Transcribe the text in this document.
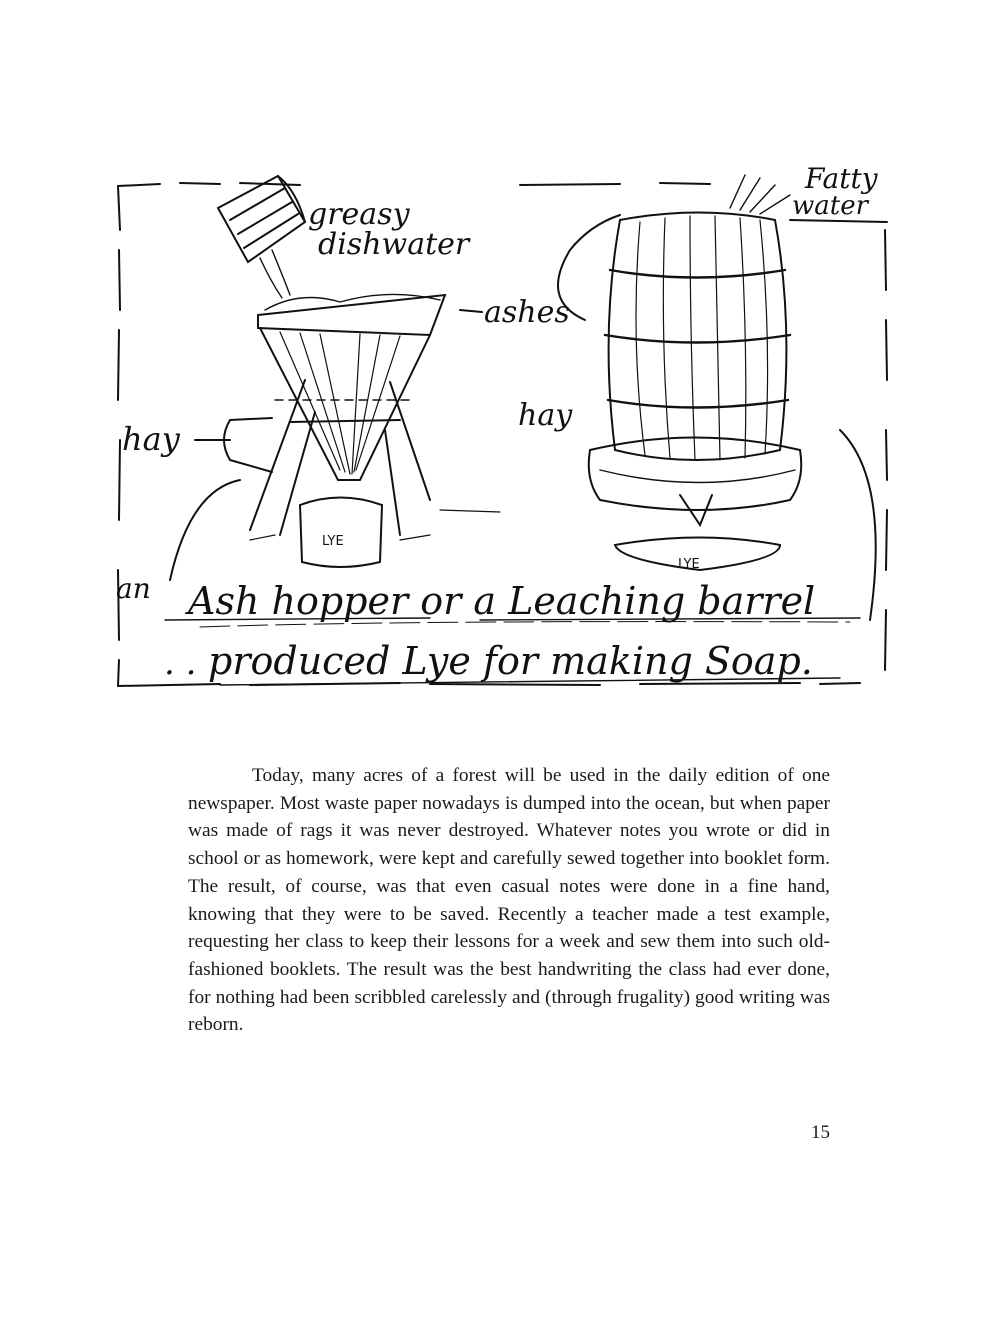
greasy
dishwater
ashes
hay
hay
LYE
LYE
Fatty
water
an Ash hopper or a Leaching barrel
. . produced Lye for making Soap.

Today, many acres of a forest will be used in the daily edition of one newspaper. Most waste paper nowadays is dumped into the ocean, but when paper was made of rags it was never destroyed. Whatever notes you wrote or did in school or as homework, were kept and carefully sewed together into booklet form. The result, of course, was that even casual notes were done in a fine hand, knowing that they were to be saved. Recently a teacher made a test example, requesting her class to keep their lessons for a week and sew them into such old-fashioned booklets. The result was the best handwriting the class had ever done, for nothing had been scribbled carelessly and (through frugality) good writing was reborn.

15
